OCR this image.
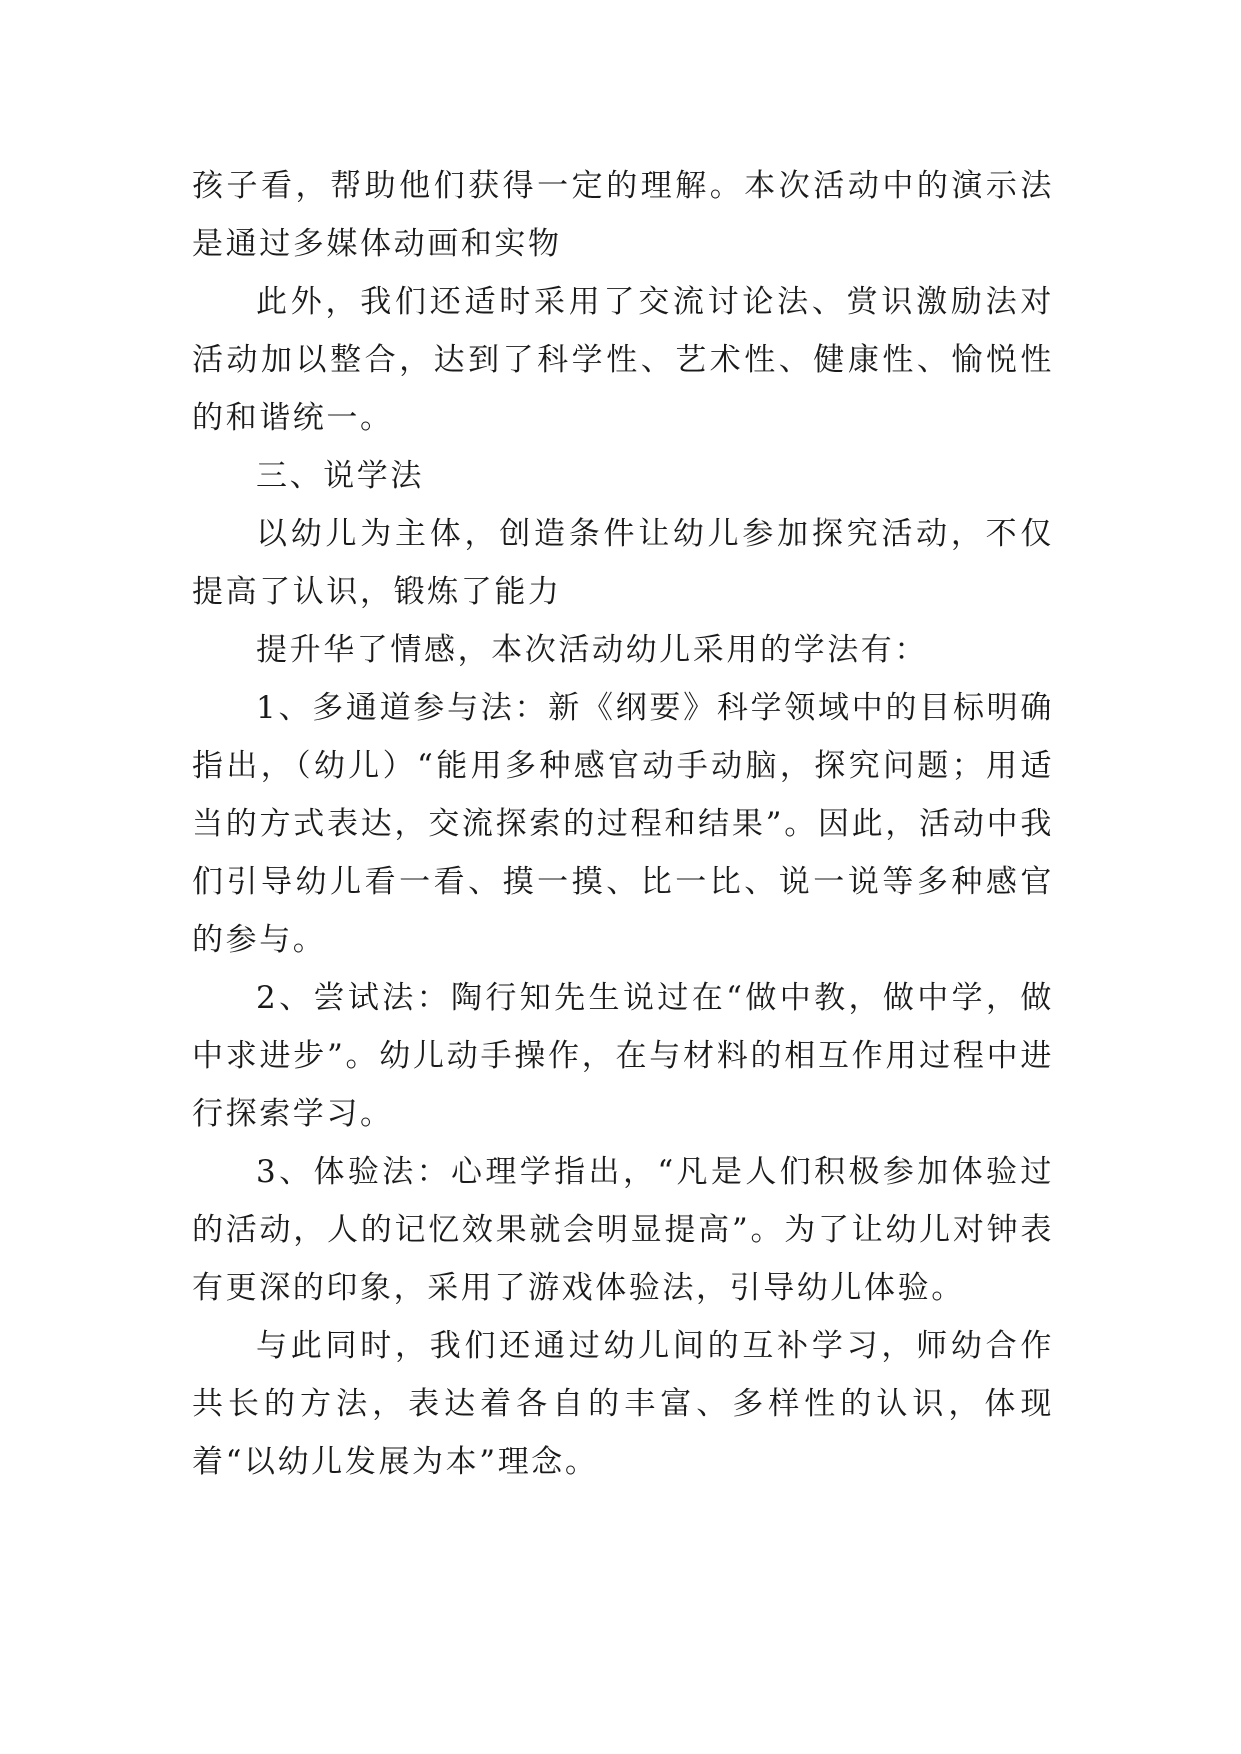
孩子看，帮助他们获得一定的理解。本次活动中的演示法是通过多媒体动画和实物

此外，我们还适时采用了交流讨论法、赏识激励法对活动加以整合，达到了科学性、艺术性、健康性、愉悦性的和谐统一。

三、说学法

以幼儿为主体，创造条件让幼儿参加探究活动，不仅提高了认识，锻炼了能力

提升华了情感，本次活动幼儿采用的学法有：

1、多通道参与法：新《纲要》科学领域中的目标明确指出，（幼儿）“能用多种感官动手动脑，探究问题；用适当的方式表达，交流探索的过程和结果”。因此，活动中我们引导幼儿看一看、摸一摸、比一比、说一说等多种感官的参与。

2、尝试法：陶行知先生说过在“做中教，做中学，做中求进步”。幼儿动手操作，在与材料的相互作用过程中进行探索学习。

3、体验法：心理学指出，“凡是人们积极参加体验过的活动，人的记忆效果就会明显提高”。为了让幼儿对钟表有更深的印象，采用了游戏体验法，引导幼儿体验。

与此同时，我们还通过幼儿间的互补学习，师幼合作共长的方法，表达着各自的丰富、多样性的认识，体现着“以幼儿发展为本”理念。
